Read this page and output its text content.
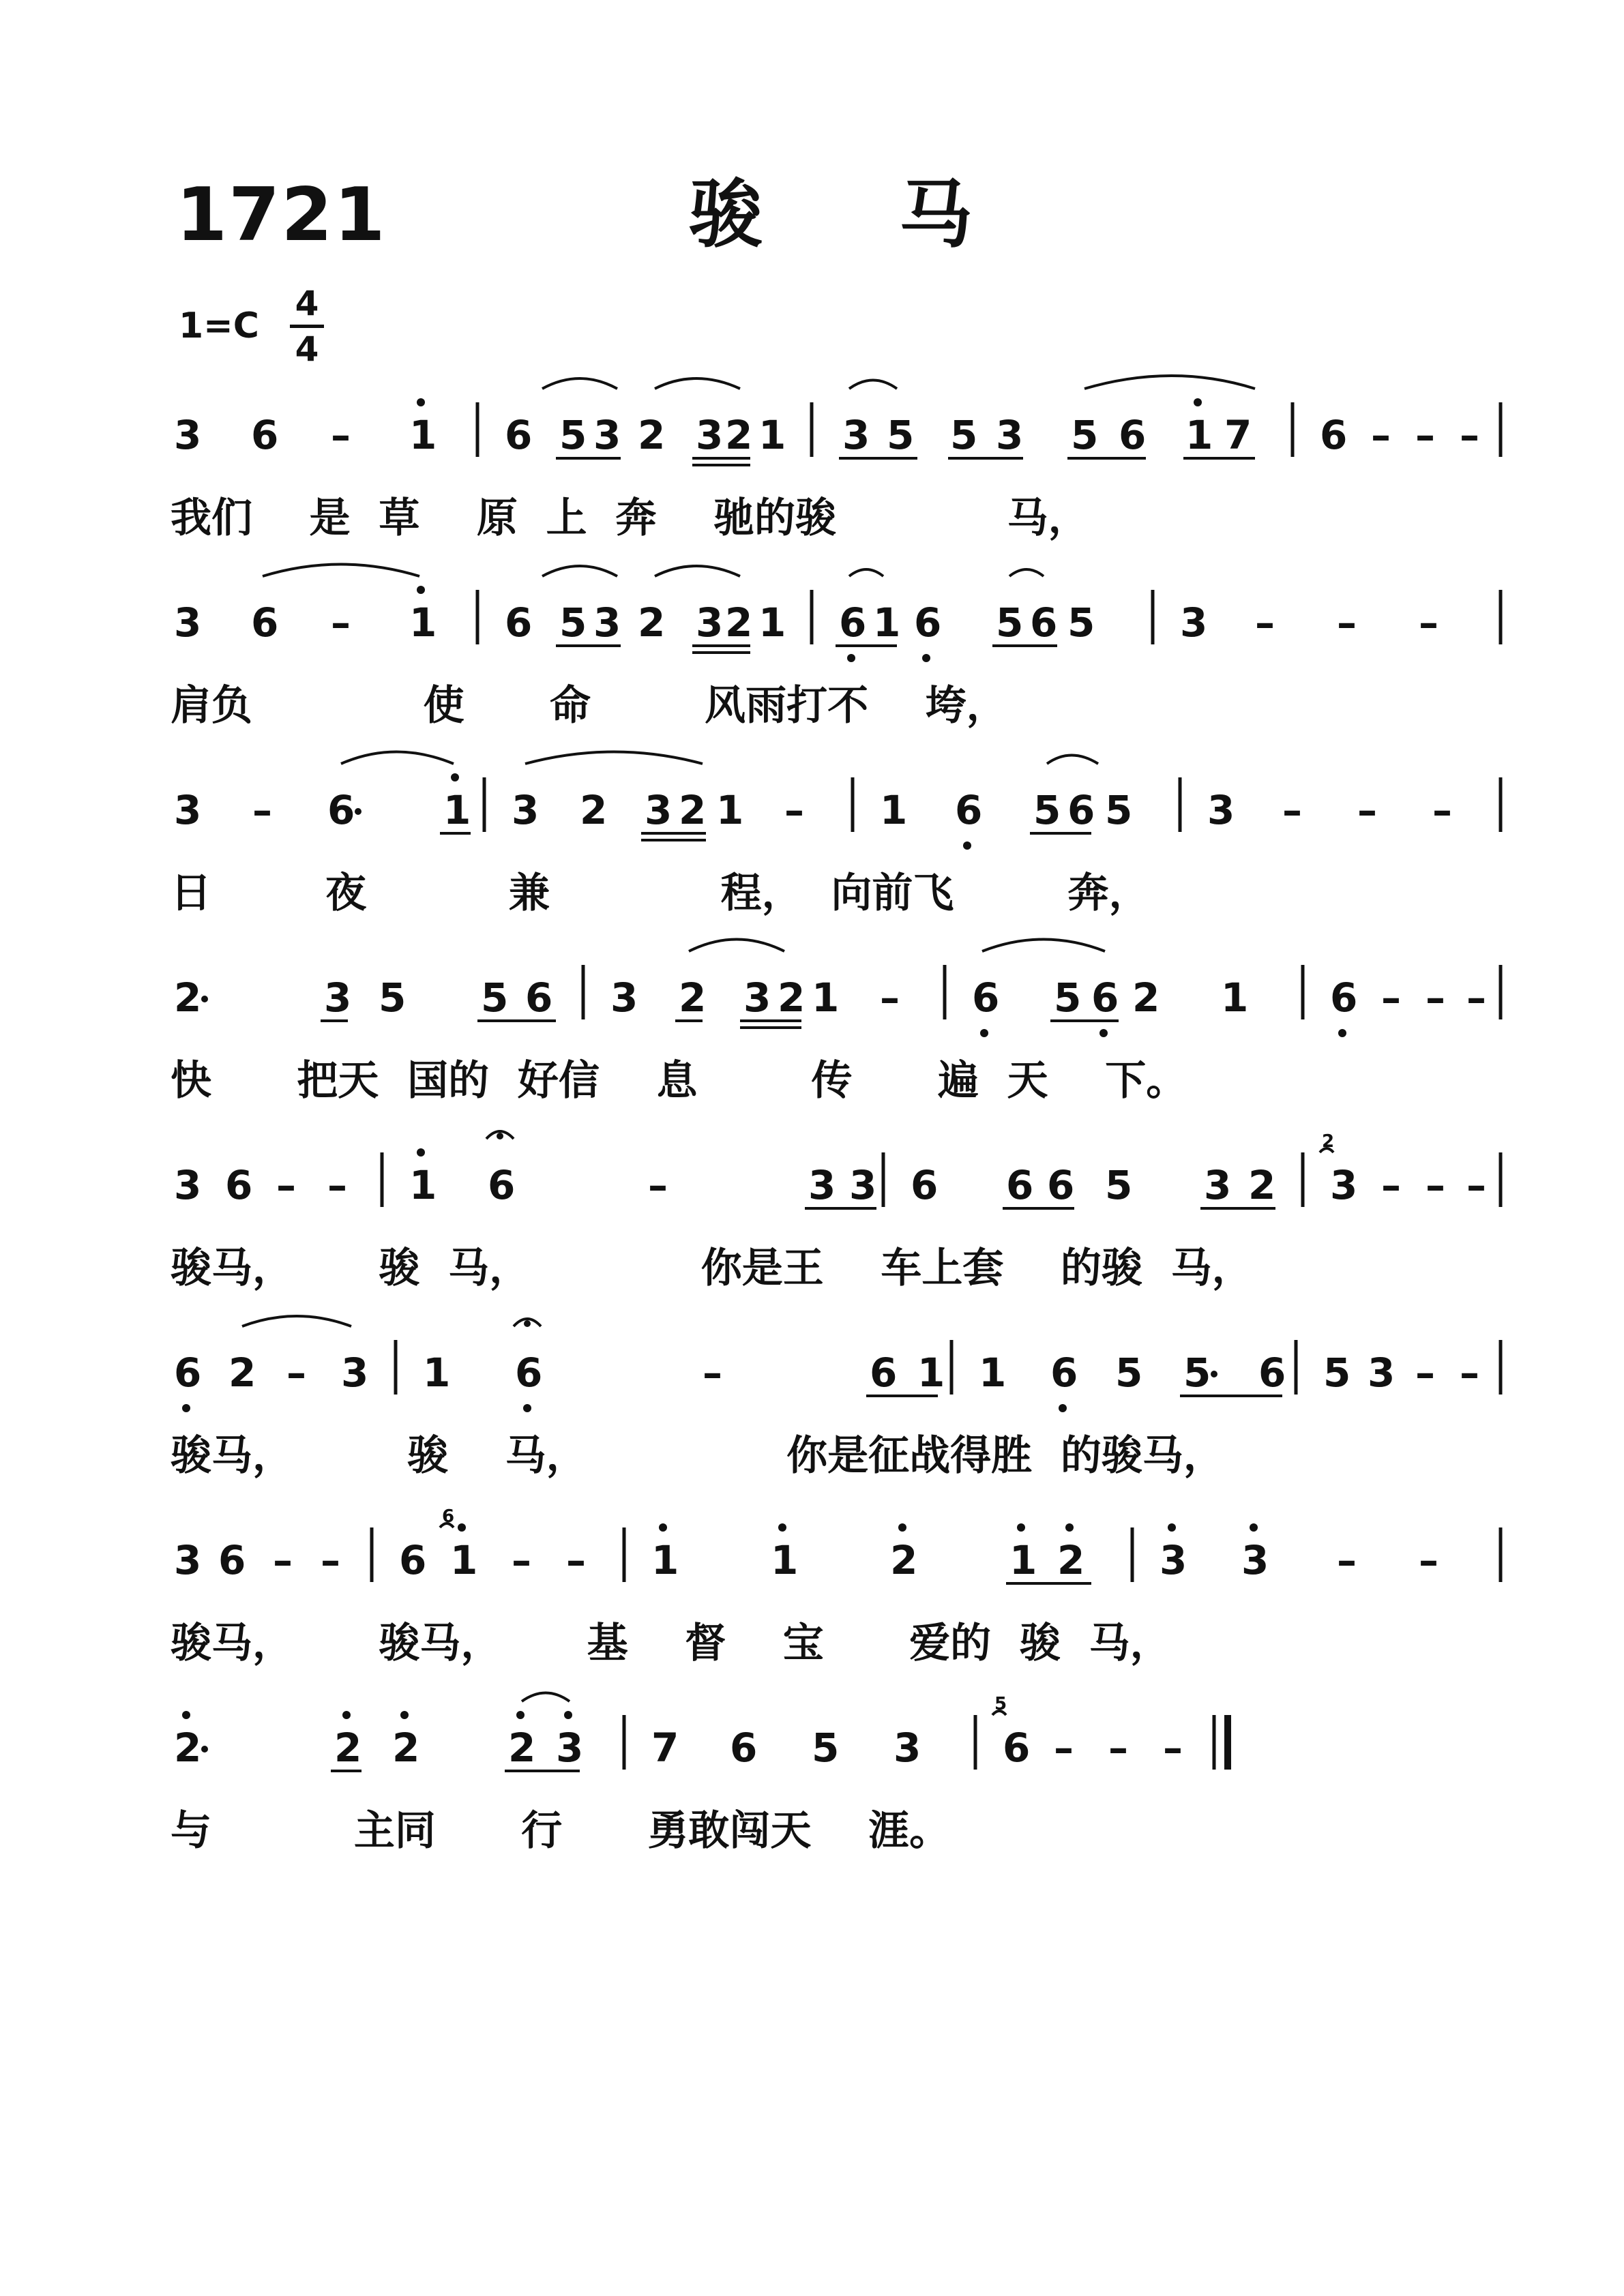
1721	骏马
1=C
4
4
3 6 – 1 6 5 3 2 3 2 1 3 5 5 3 5 6 1 7 6 – – –
我们    是  草    原  上  奔    驰的骏            马，
3 6 – 1 6 5 3 2 3 2 1 6 1 6 5 6 5 3 – – –
肩负            使      命        风雨打不    垮，
3 – 6 1 3 2 3 2 1 – 1 6 5 6 5 3 – – –
日        夜          兼            程，  向前飞        奔，
2	3 5 5 6 3 2 3 2 1 – 6 5 6 2 1 6 – – –
快      把天  国的  好信    息        传      遍  天    下。
3 6 – – 1 6	–	3 3 6 6 6 5 3 2 3 – – –
2
骏马，      骏  马，            你是王    车上套    的骏  马，
6 2 – 3 1 6	–	6 1 1 6 5 5 6 5 3 – –
骏马，        骏    马，              你是征战得胜  的骏马，
3 6 – – 6 1 – – 1 1 2 1 2 3 3 – –
6
骏马，      骏马，      基    督    宝      爱的  骏  马，
2	2 2 2 3 7 6 5 3 6 – – –
5
与          主同      行      勇敢闯天    涯。
